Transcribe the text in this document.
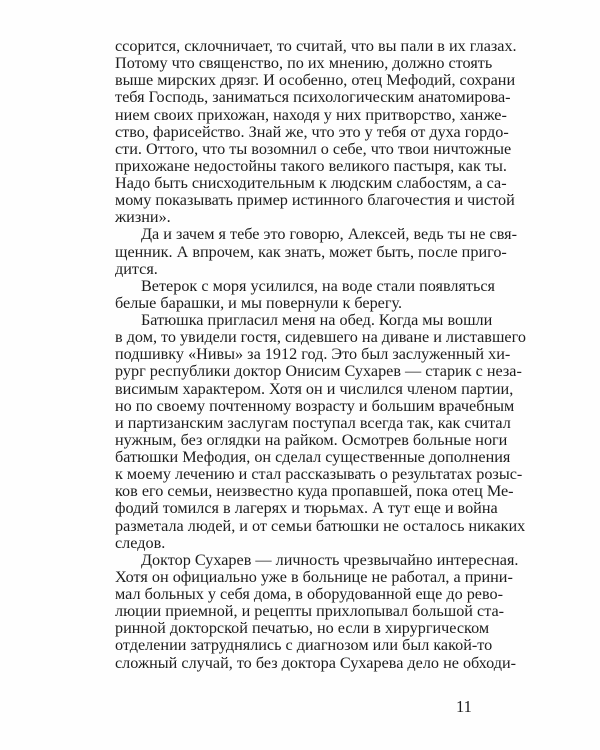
ссорится, склочничает, то считай, что вы пали в их глазах.
Потому что священство, по их мнению, должно стоять
выше мирских дрязг. И особенно, отец Мефодий, сохрани
тебя Господь, заниматься психологическим анатомирова-
нием своих прихожан, находя у них притворство, ханже-
ство, фарисейство. Знай же, что это у тебя от духа гордо-
сти. Оттого, что ты возомнил о себе, что твои ничтожные
прихожане недостойны такого великого пастыря, как ты.
Надо быть снисходительным к людским слабостям, а са-
мому показывать пример истинного благочестия и чистой
жизни».
Да и зачем я тебе это говорю, Алексей, ведь ты не свя-
щенник. А впрочем, как знать, может быть, после приго-
дится.
Ветерок с моря усилился, на воде стали появляться
белые барашки, и мы повернули к берегу.
Батюшка пригласил меня на обед. Когда мы вошли
в дом, то увидели гостя, сидевшего на диване и листавшего
подшивку «Нивы» за 1912 год. Это был заслуженный хи-
рург республики доктор Онисим Сухарев — старик с неза-
висимым характером. Хотя он и числился членом партии,
но по своему почтенному возрасту и большим врачебным
и партизанским заслугам поступал всегда так, как считал
нужным, без оглядки на райком. Осмотрев больные ноги
батюшки Мефодия, он сделал существенные дополнения
к моему лечению и стал рассказывать о результатах розыс-
ков его семьи, неизвестно куда пропавшей, пока отец Ме-
фодий томился в лагерях и тюрьмах. А тут еще и война
разметала людей, и от семьи батюшки не осталось никаких
следов.
Доктор Сухарев — личность чрезвычайно интересная.
Хотя он официально уже в больнице не работал, а прини-
мал больных у себя дома, в оборудованной еще до рево-
люции приемной, и рецепты прихлопывал большой ста-
ринной докторской печатью, но если в хирургическом
отделении затруднялись с диагнозом или был какой-то
сложный случай, то без доктора Сухарева дело не обходи-
11
